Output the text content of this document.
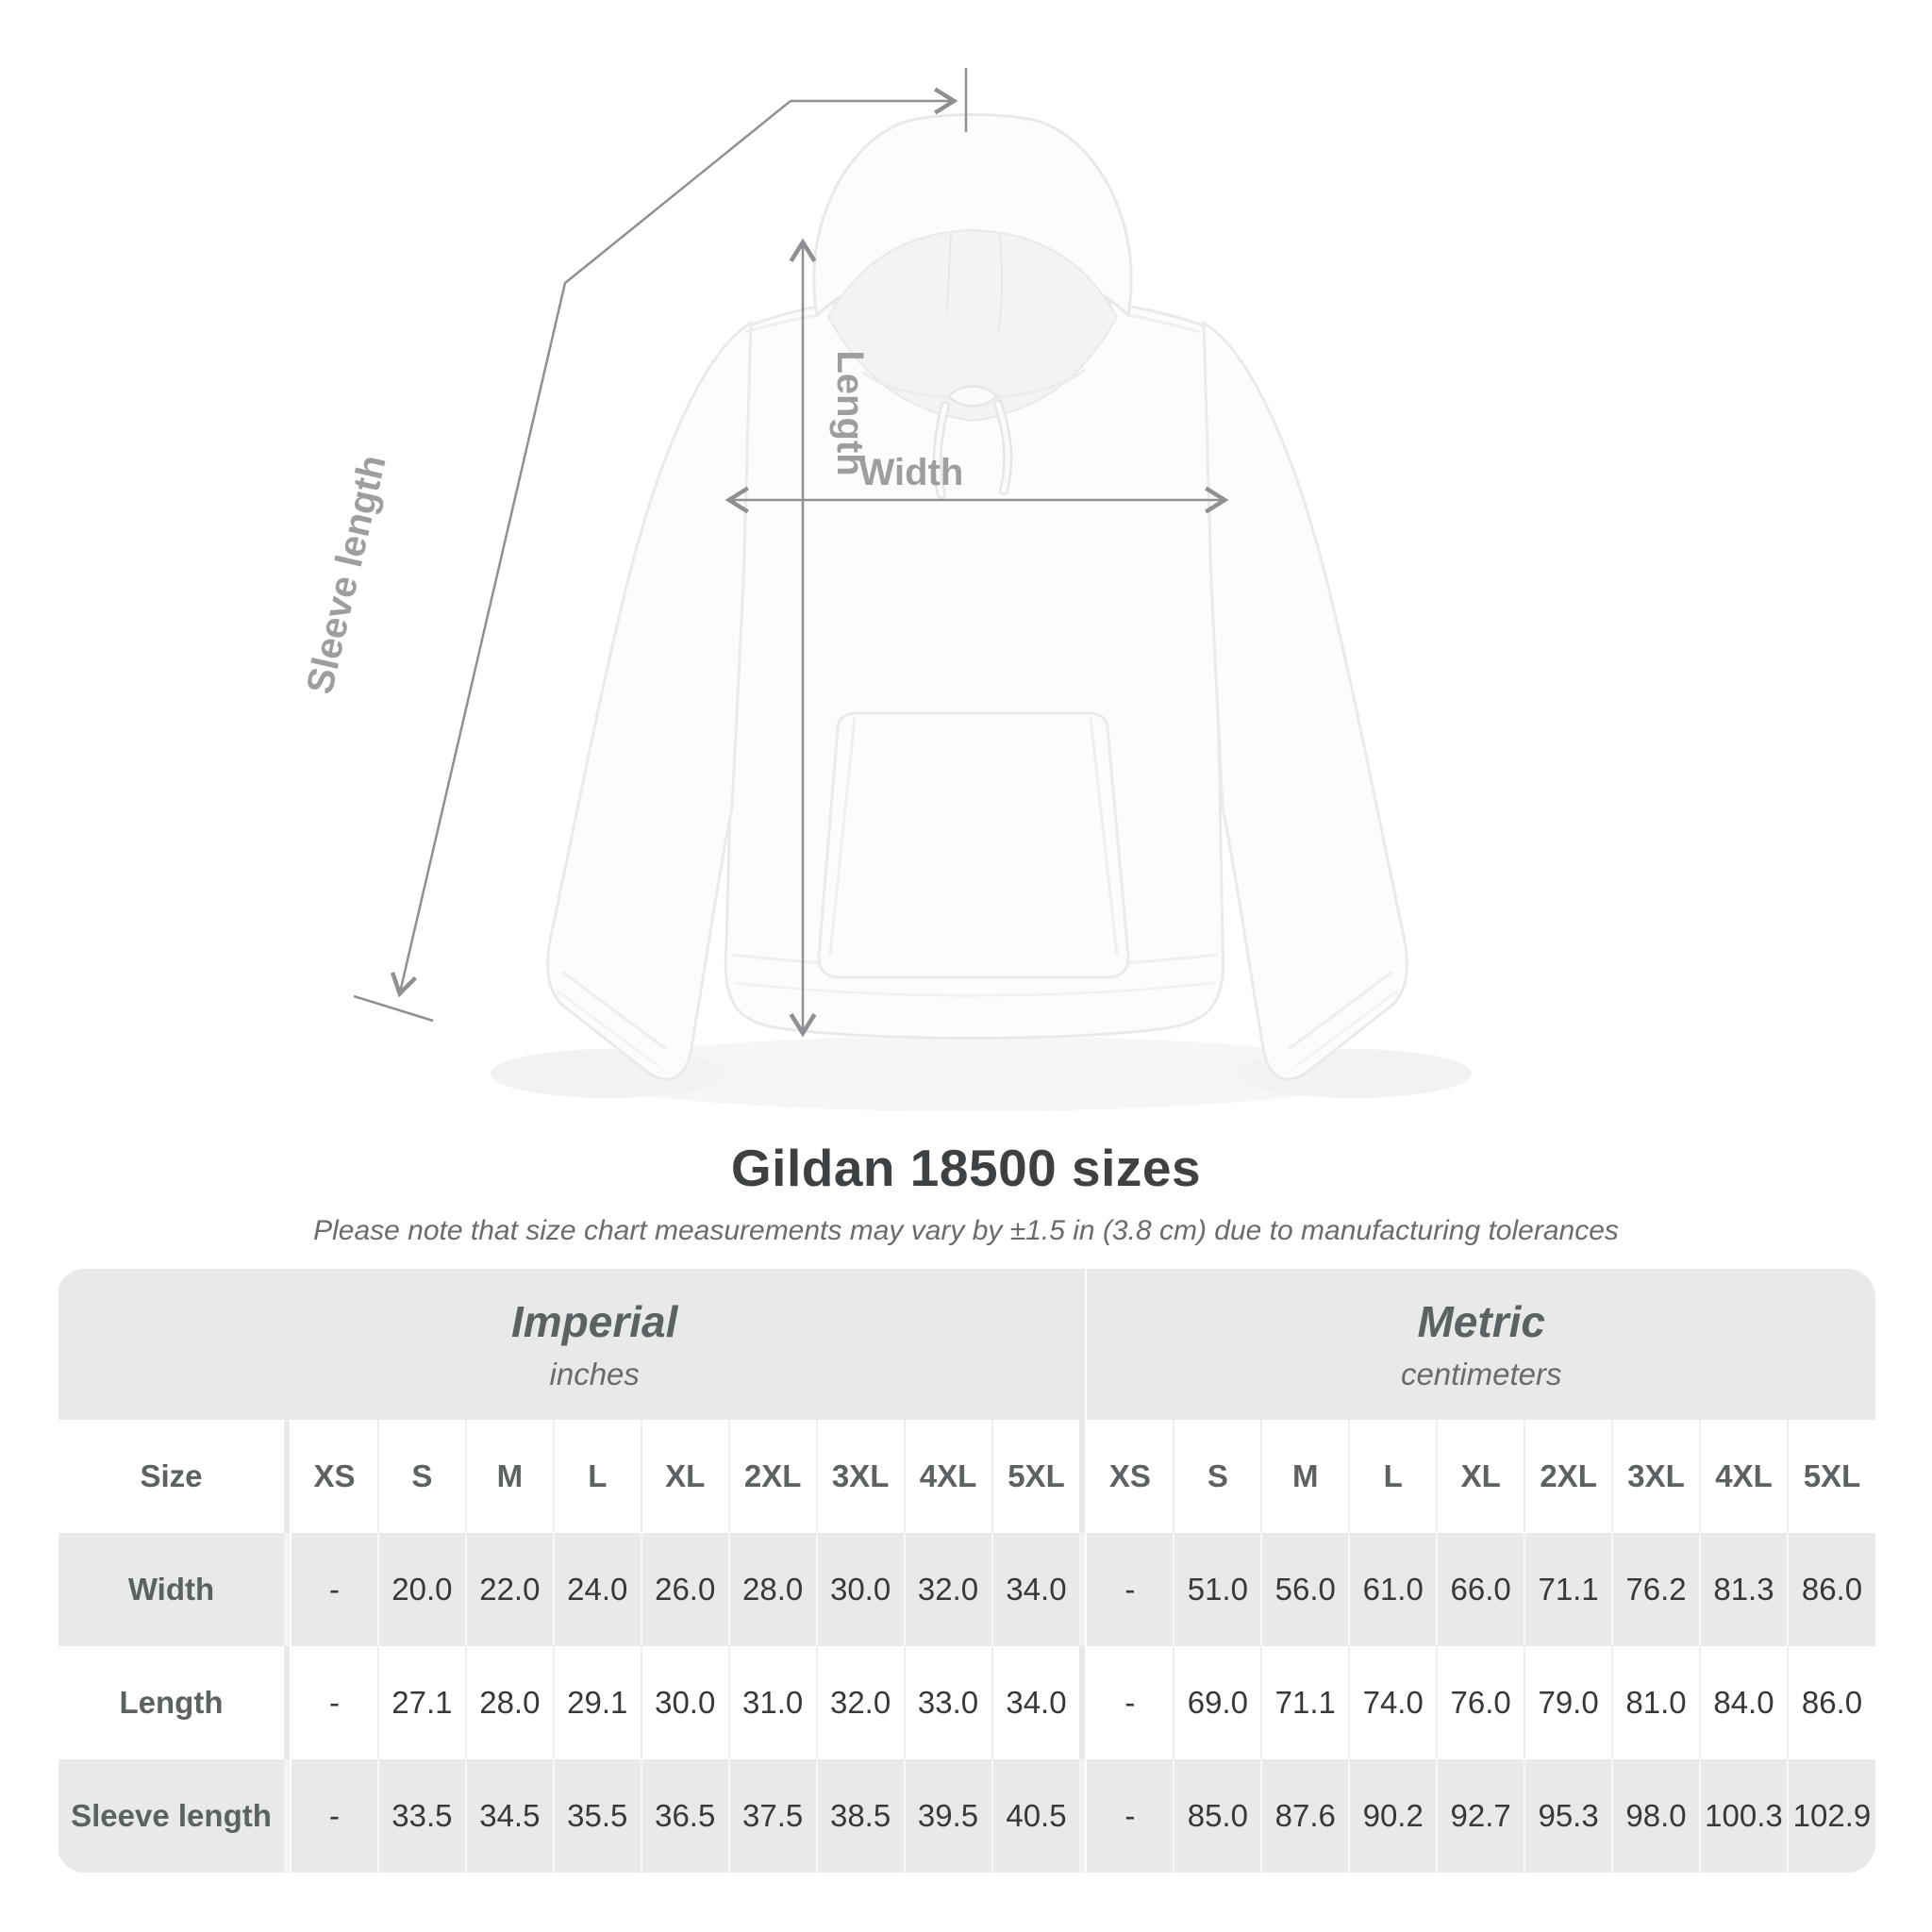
Width
Length
Sleeve length
Gildan 18500 sizes
Please note that size chart measurements may vary by ±1.5 in (3.8 cm) due to manufacturing tolerances
Imperial
inches

Metric
centimeters

Size		XS	S	M	L	XL	2XL	3XL	4XL	5XL		XS	S	M	L	XL	2XL	3XL	4XL	5XL
Width		-	20.0	22.0	24.0	26.0	28.0	30.0	32.0	34.0		-	51.0	56.0	61.0	66.0	71.1	76.2	81.3	86.0
Length		-	27.1	28.0	29.1	30.0	31.0	32.0	33.0	34.0		-	69.0	71.1	74.0	76.0	79.0	81.0	84.0	86.0
Sleeve length		-	33.5	34.5	35.5	36.5	37.5	38.5	39.5	40.5		-	85.0	87.6	90.2	92.7	95.3	98.0	100.3	102.9
